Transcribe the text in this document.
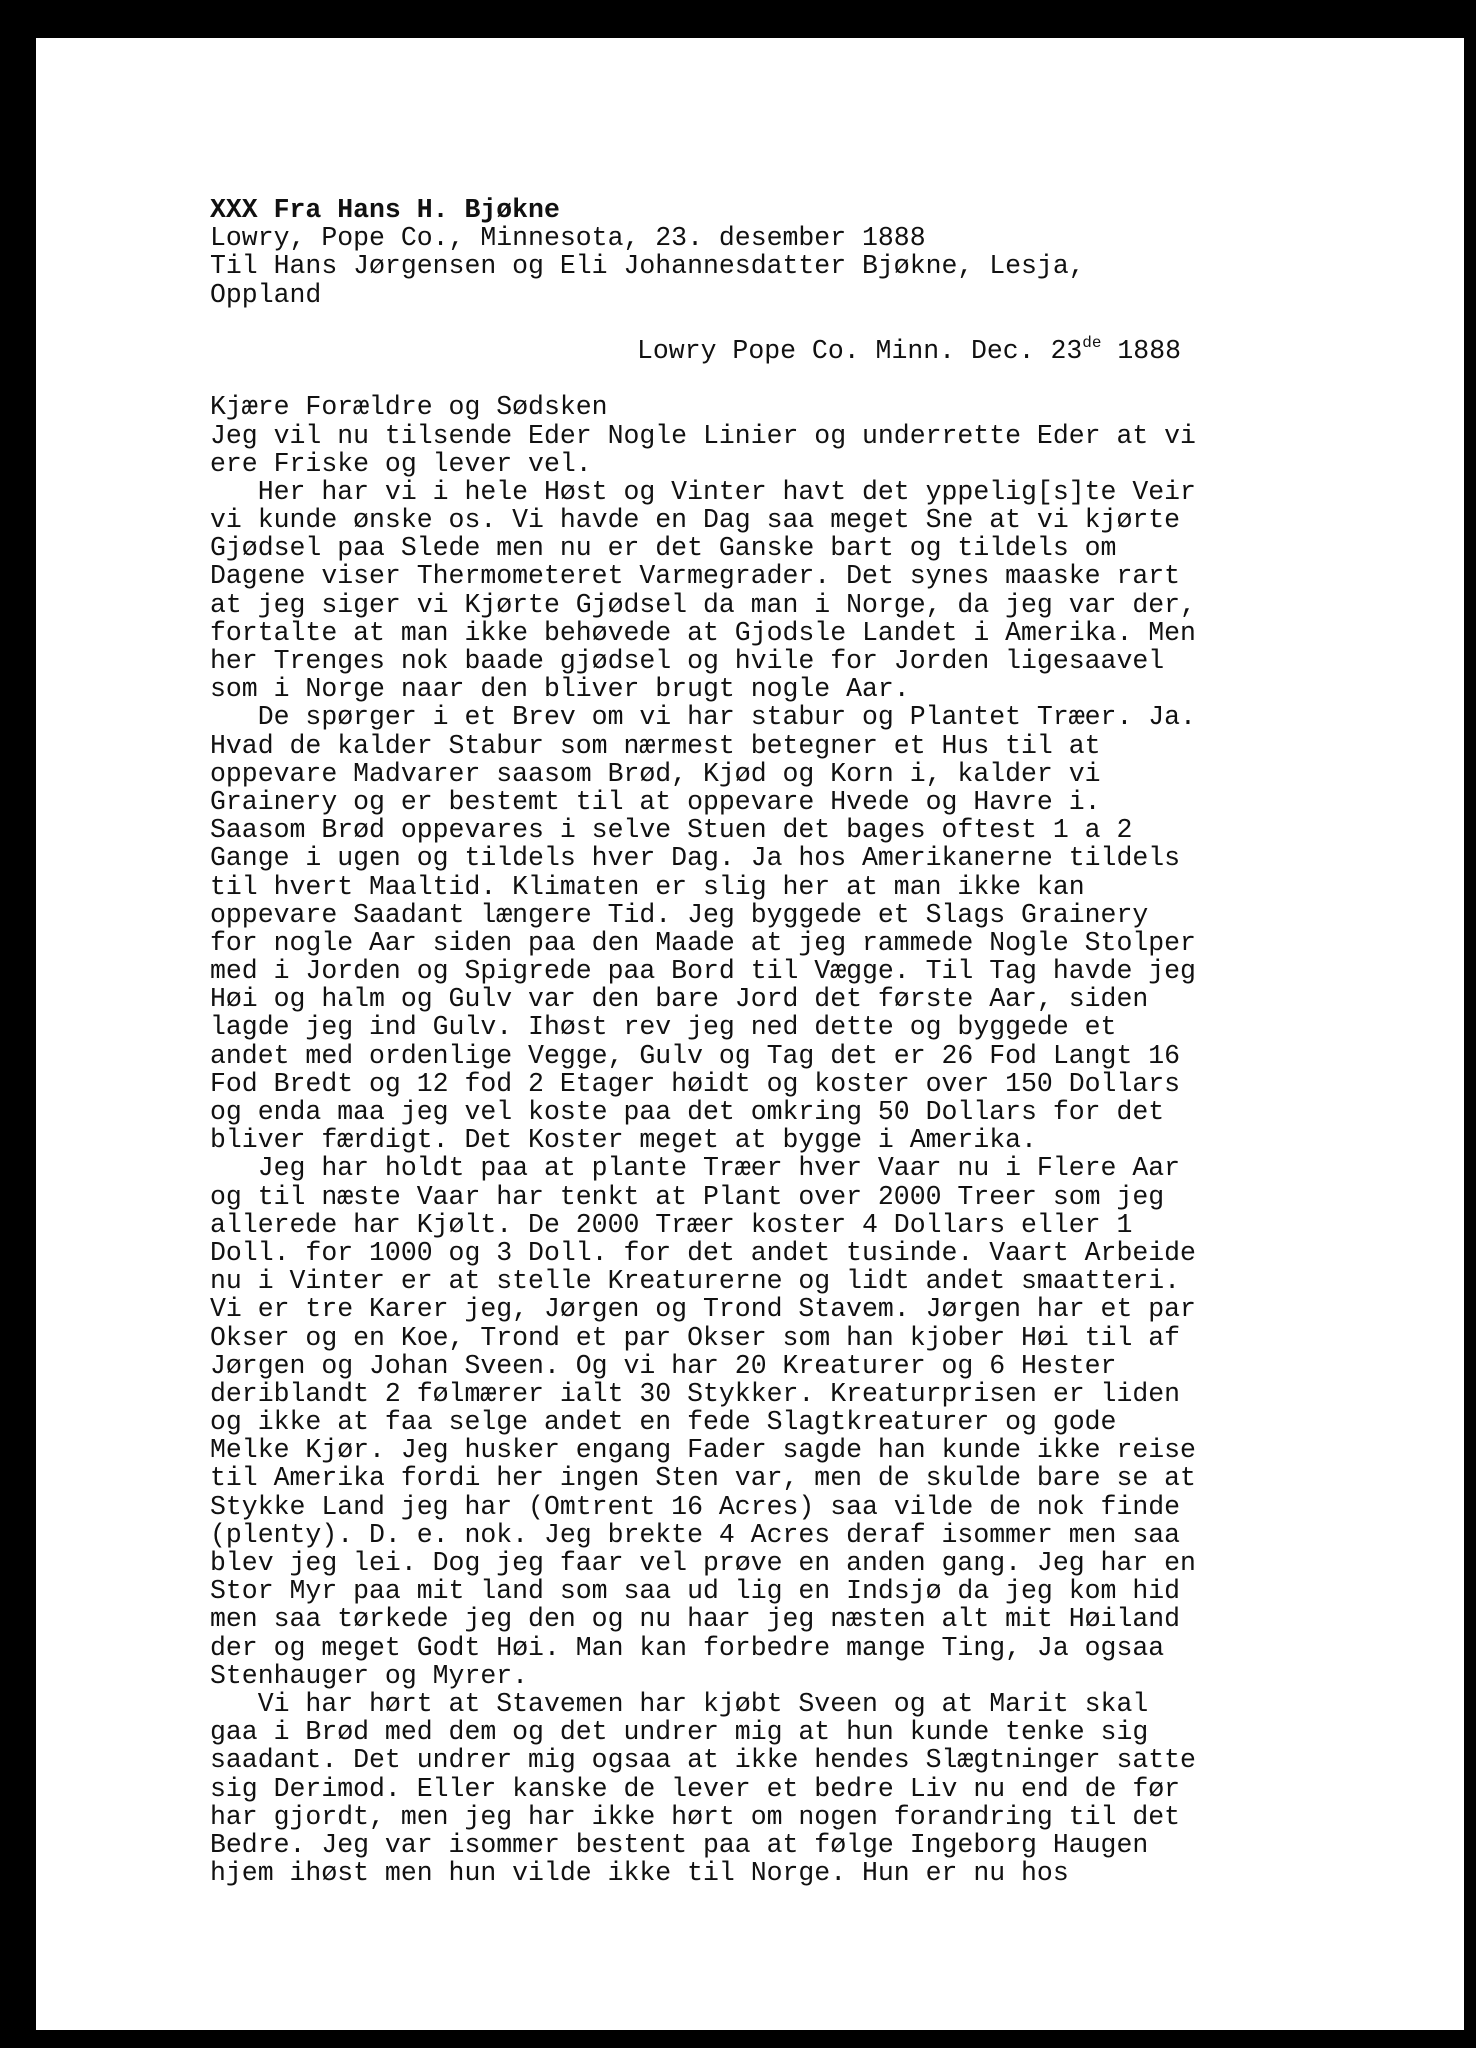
XXX Fra Hans H. Bjøkne
Lowry, Pope Co., Minnesota, 23. desember 1888
Til Hans Jørgensen og Eli Johannesdatter Bjøkne, Lesja,
Oppland
Lowry Pope Co. Minn. Dec. 23de 1888
Kjære Forældre og Sødsken
Jeg vil nu tilsende Eder Nogle Linier og underrette Eder at vi
ere Friske og lever vel.
Her har vi i hele Høst og Vinter havt det yppelig[s]te Veir
vi kunde ønske os. Vi havde en Dag saa meget Sne at vi kjørte
Gjødsel paa Slede men nu er det Ganske bart og tildels om
Dagene viser Thermometeret Varmegrader. Det synes maaske rart
at jeg siger vi Kjørte Gjødsel da man i Norge, da jeg var der,
fortalte at man ikke behøvede at Gjodsle Landet i Amerika. Men
her Trenges nok baade gjødsel og hvile for Jorden ligesaavel
som i Norge naar den bliver brugt nogle Aar.
De spørger i et Brev om vi har stabur og Plantet Træer. Ja.
Hvad de kalder Stabur som nærmest betegner et Hus til at
oppevare Madvarer saasom Brød, Kjød og Korn i, kalder vi
Grainery og er bestemt til at oppevare Hvede og Havre i.
Saasom Brød oppevares i selve Stuen det bages oftest 1 a 2
Gange i ugen og tildels hver Dag. Ja hos Amerikanerne tildels
til hvert Maaltid. Klimaten er slig her at man ikke kan
oppevare Saadant længere Tid. Jeg byggede et Slags Grainery
for nogle Aar siden paa den Maade at jeg rammede Nogle Stolper
med i Jorden og Spigrede paa Bord til Vægge. Til Tag havde jeg
Høi og halm og Gulv var den bare Jord det første Aar, siden
lagde jeg ind Gulv. Ihøst rev jeg ned dette og byggede et
andet med ordenlige Vegge, Gulv og Tag det er 26 Fod Langt 16
Fod Bredt og 12 fod 2 Etager høidt og koster over 150 Dollars
og enda maa jeg vel koste paa det omkring 50 Dollars for det
bliver færdigt. Det Koster meget at bygge i Amerika.
Jeg har holdt paa at plante Træer hver Vaar nu i Flere Aar
og til næste Vaar har tenkt at Plant over 2000 Treer som jeg
allerede har Kjølt. De 2000 Træer koster 4 Dollars eller 1
Doll. for 1000 og 3 Doll. for det andet tusinde. Vaart Arbeide
nu i Vinter er at stelle Kreaturerne og lidt andet smaatteri.
Vi er tre Karer jeg, Jørgen og Trond Stavem. Jørgen har et par
Okser og en Koe, Trond et par Okser som han kjober Høi til af
Jørgen og Johan Sveen. Og vi har 20 Kreaturer og 6 Hester
deriblandt 2 følmærer ialt 30 Stykker. Kreaturprisen er liden
og ikke at faa selge andet en fede Slagtkreaturer og gode
Melke Kjør. Jeg husker engang Fader sagde han kunde ikke reise
til Amerika fordi her ingen Sten var, men de skulde bare se at
Stykke Land jeg har (Omtrent 16 Acres) saa vilde de nok finde
(plenty). D. e. nok. Jeg brekte 4 Acres deraf isommer men saa
blev jeg lei. Dog jeg faar vel prøve en anden gang. Jeg har en
Stor Myr paa mit land som saa ud lig en Indsjø da jeg kom hid
men saa tørkede jeg den og nu haar jeg næsten alt mit Høiland
der og meget Godt Høi. Man kan forbedre mange Ting, Ja ogsaa
Stenhauger og Myrer.
Vi har hørt at Stavemen har kjøbt Sveen og at Marit skal
gaa i Brød med dem og det undrer mig at hun kunde tenke sig
saadant. Det undrer mig ogsaa at ikke hendes Slægtninger satte
sig Derimod. Eller kanske de lever et bedre Liv nu end de før
har gjordt, men jeg har ikke hørt om nogen forandring til det
Bedre. Jeg var isommer bestent paa at følge Ingeborg Haugen
hjem ihøst men hun vilde ikke til Norge. Hun er nu hos
